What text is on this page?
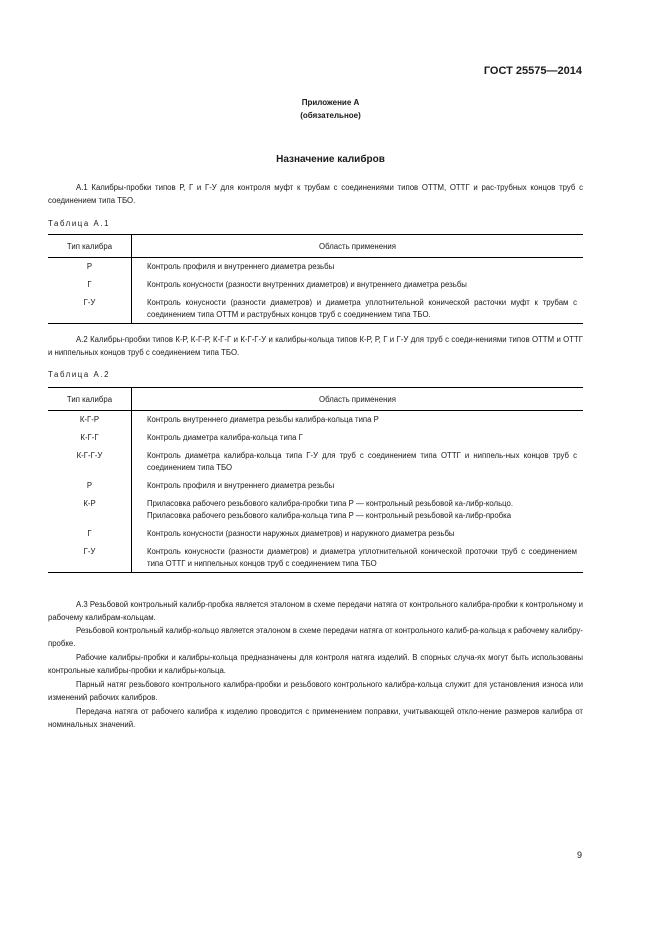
ГОСТ 25575—2014
Приложение А
(обязательное)
Назначение калибров
А.1 Калибры-пробки типов Р, Г и Г-У для контроля муфт к трубам с соединениями типов ОТТМ, ОТТГ и рас-трубных концов труб с соединением типа ТБО.
Таблица А.1
Тип калибра	Область применения
Р	Контроль профиля и внутреннего диаметра резьбы
Г	Контроль конусности (разности внутренних диаметров) и внутреннего диаметра резьбы
Г-У	Контроль конусности (разности диаметров) и диаметра уплотнительной конической расточки муфт к трубам с соединением типа ОТТМ и раструбных концов труб с соединением типа ТБО.
А.2 Калибры-пробки типов К-Р, К-Г-Р, К-Г-Г и К-Г-Г-У и калибры-кольца типов К-Р, Р, Г и Г-У для труб с соеди-нениями типов ОТТМ и ОТТГ и ниппельных концов труб с соединением типа ТБО.
Таблица А.2
Тип калибра	Область применения
К-Г-Р	Контроль внутреннего диаметра резьбы калибра-кольца типа Р
К-Г-Г	Контроль диаметра калибра-кольца типа Г
К-Г-Г-У	Контроль диаметра калибра-кольца типа Г-У для труб с соединением типа ОТТГ и ниппель-ных концов труб с соединением типа ТБО
Р	Контроль профиля и внутреннего диаметра резьбы
К-Р	Приласовка рабочего резьбового калибра-пробки типа Р — контрольный резьбовой ка-либр-кольцо.
Приласовка рабочего резьбового калибра-кольца типа Р — контрольный резьбовой ка-либр-пробка

Г	Контроль конусности (разности наружных диаметров) и наружного диаметра резьбы
Г-У	Контроль конусности (разности диаметров) и диаметра уплотнительной конической проточки труб с соединением типа ОТТГ и ниппельных концов труб с соединением типа ТБО
А.3 Резьбовой контрольный калибр-пробка является эталоном в схеме передачи натяга от контрольного калибра-пробки к контрольному и рабочему калибрам-кольцам.
Резьбовой контрольный калибр-кольцо является эталоном в схеме передачи натяга от контрольного калиб-ра-кольца к рабочему калибру-пробке.
Рабочие калибры-пробки и калибры-кольца предназначены для контроля натяга изделий. В спорных случа-ях могут быть использованы контрольные калибры-пробки и калибры-кольца.
Парный натяг резьбового контрольного калибра-пробки и резьбового контрольного калибра-кольца служит для установления износа или изменений рабочих калибров.
Передача натяга от рабочего калибра к изделию проводится с применением поправки, учитывающей откло-нение размеров калибра от номинальных значений.
9
